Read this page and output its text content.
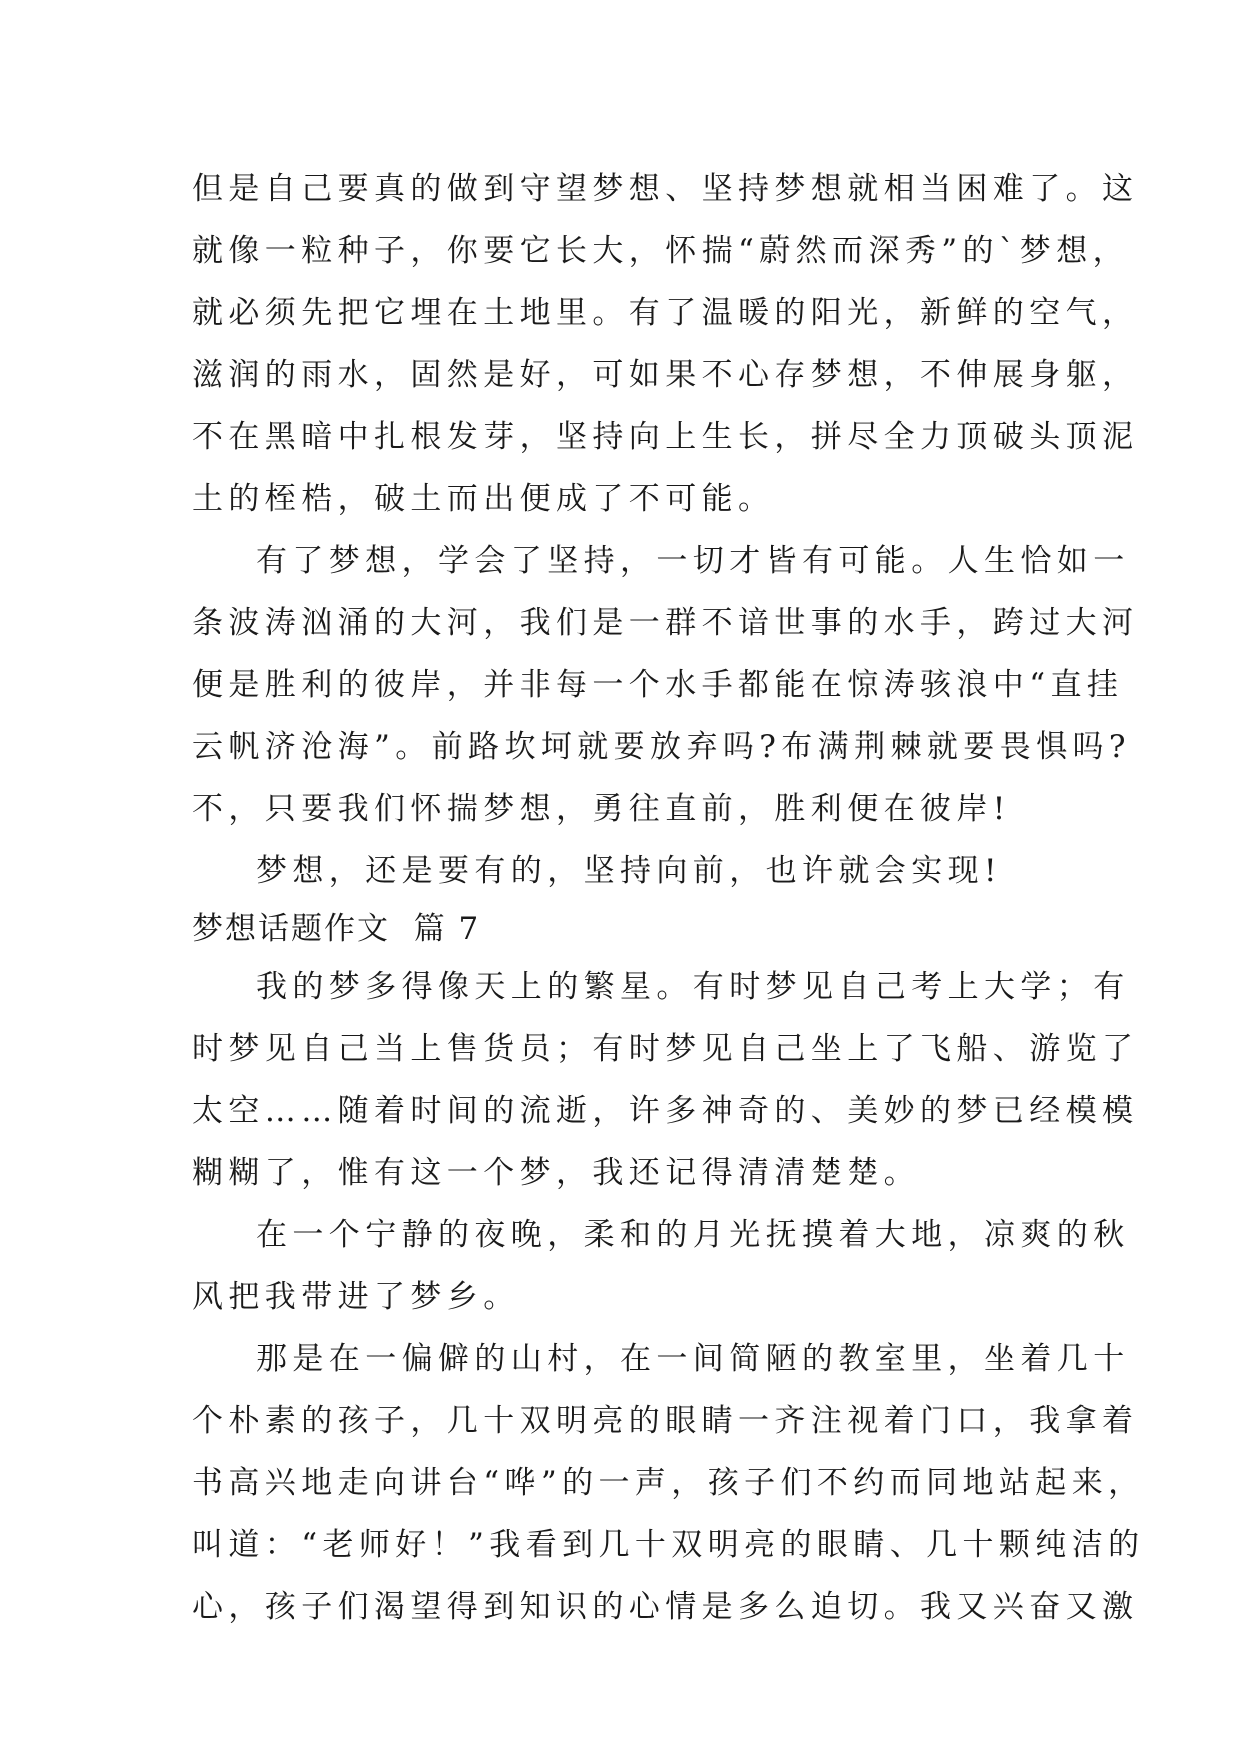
但是自己要真的做到守望梦想、坚持梦想就相当困难了。这
就像一粒种子，你要它长大，怀揣“蔚然而深秀”的`梦想，
就必须先把它埋在土地里。有了温暖的阳光，新鲜的空气，
滋润的雨水，固然是好，可如果不心存梦想，不伸展身躯，
不在黑暗中扎根发芽，坚持向上生长，拼尽全力顶破头顶泥
土的桎梏，破土而出便成了不可能。
有了梦想，学会了坚持，一切才皆有可能。人生恰如一
条波涛汹涌的大河，我们是一群不谙世事的水手，跨过大河
便是胜利的彼岸，并非每一个水手都能在惊涛骇浪中“直挂
云帆济沧海”。前路坎坷就要放弃吗?布满荆棘就要畏惧吗?
不，只要我们怀揣梦想，勇往直前，胜利便在彼岸!
梦想，还是要有的，坚持向前，也许就会实现!
梦想话题作文  篇 7
我的梦多得像天上的繁星。有时梦见自己考上大学；有
时梦见自己当上售货员；有时梦见自己坐上了飞船、游览了
太空……随着时间的流逝，许多神奇的、美妙的梦已经模模
糊糊了，惟有这一个梦，我还记得清清楚楚。
在一个宁静的夜晚，柔和的月光抚摸着大地，凉爽的秋
风把我带进了梦乡。
那是在一偏僻的山村，在一间简陋的教室里，坐着几十
个朴素的孩子，几十双明亮的眼睛一齐注视着门口，我拿着
书高兴地走向讲台“哗”的一声，孩子们不约而同地站起来，
叫道：“老师好！”我看到几十双明亮的眼睛、几十颗纯洁的
心，孩子们渴望得到知识的心情是多么迫切。我又兴奋又激
